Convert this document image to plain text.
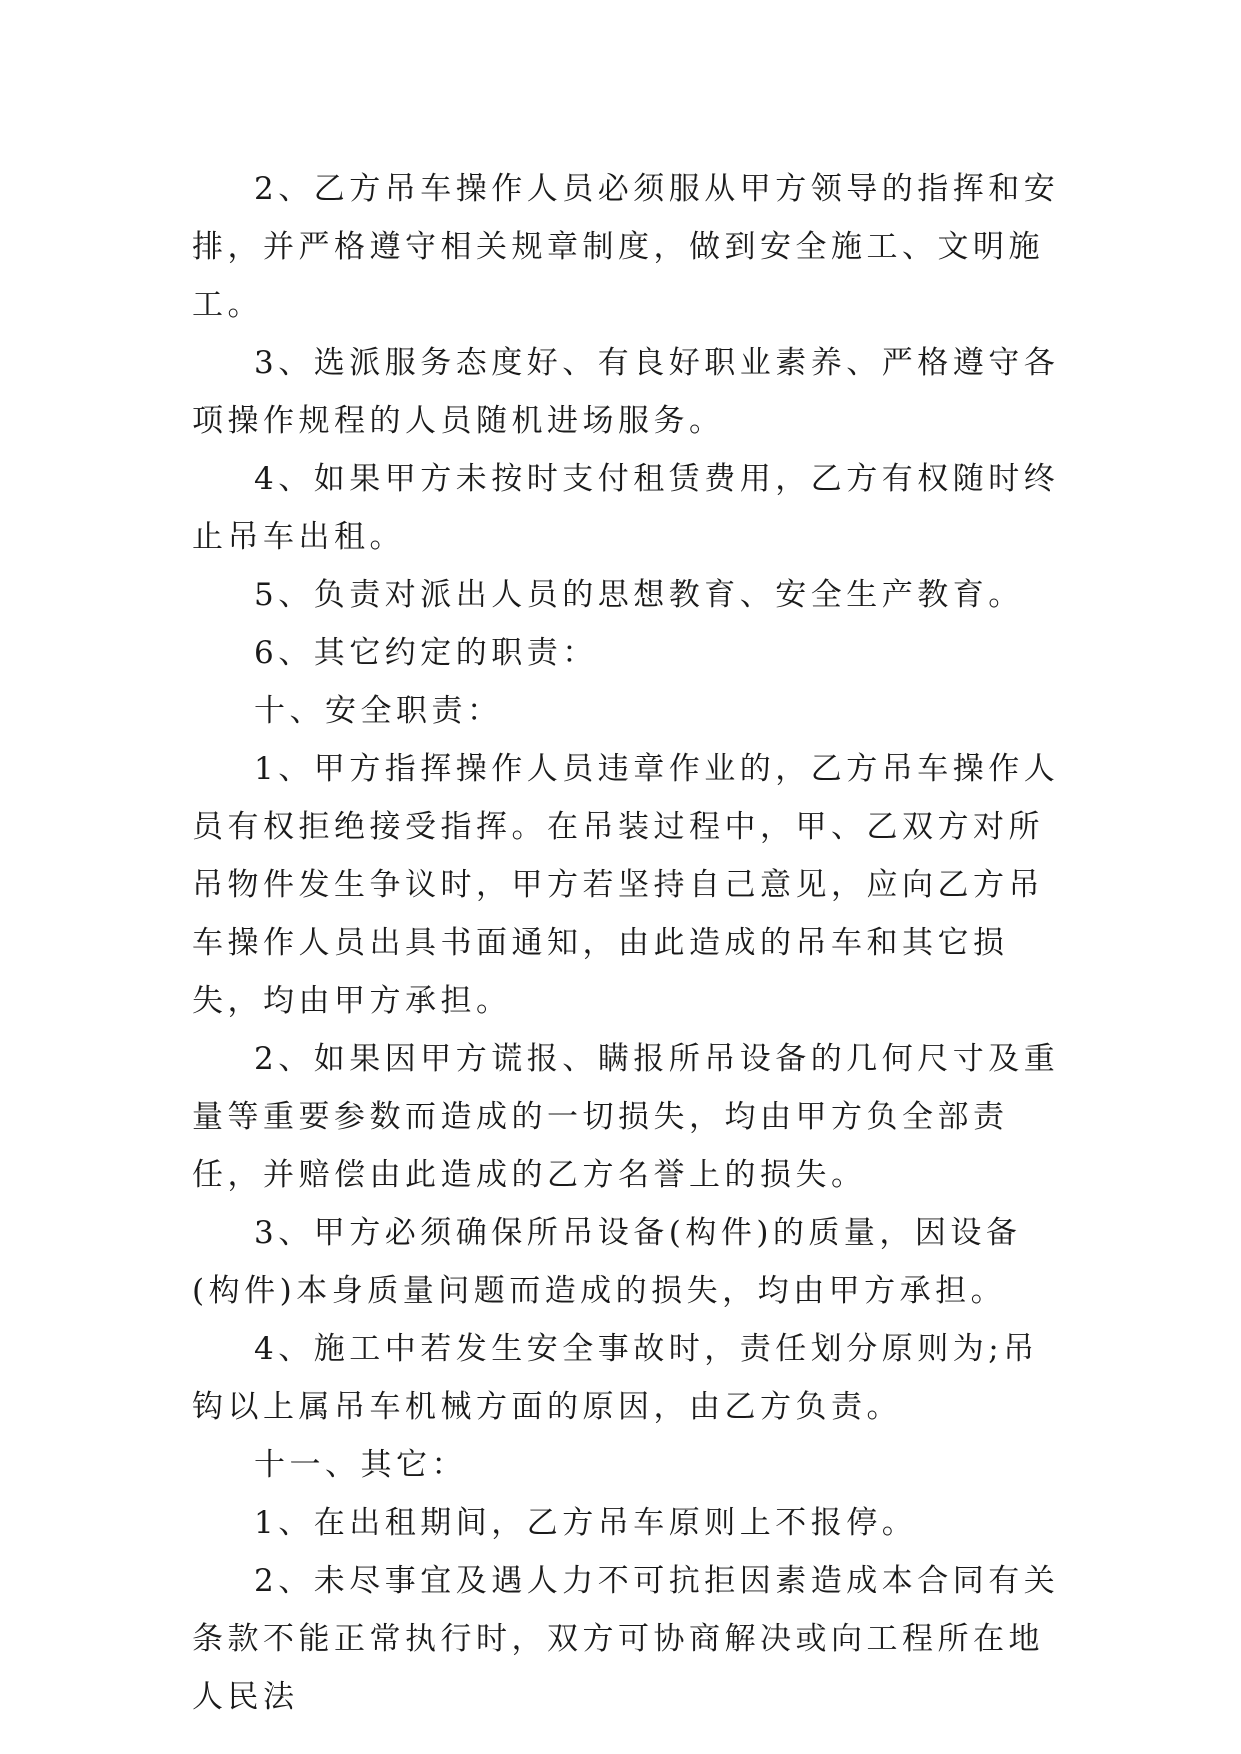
2、乙方吊车操作人员必须服从甲方领导的指挥和安排，并严格遵守相关规章制度，做到安全施工、文明施工。

3、选派服务态度好、有良好职业素养、严格遵守各项操作规程的人员随机进场服务。

4、如果甲方未按时支付租赁费用，乙方有权随时终止吊车出租。

5、负责对派出人员的思想教育、安全生产教育。

6、其它约定的职责：

十、安全职责：

1、甲方指挥操作人员违章作业的，乙方吊车操作人员有权拒绝接受指挥。在吊装过程中，甲、乙双方对所吊物件发生争议时，甲方若坚持自己意见，应向乙方吊车操作人员出具书面通知，由此造成的吊车和其它损失，均由甲方承担。

2、如果因甲方谎报、瞒报所吊设备的几何尺寸及重量等重要参数而造成的一切损失，均由甲方负全部责任，并赔偿由此造成的乙方名誉上的损失。

3、甲方必须确保所吊设备(构件)的质量，因设备(构件)本身质量问题而造成的损失，均由甲方承担。

4、施工中若发生安全事故时，责任划分原则为;吊钩以上属吊车机械方面的原因，由乙方负责。

十一、其它：

1、在出租期间，乙方吊车原则上不报停。

2、未尽事宜及遇人力不可抗拒因素造成本合同有关条款不能正常执行时，双方可协商解决或向工程所在地人民法
